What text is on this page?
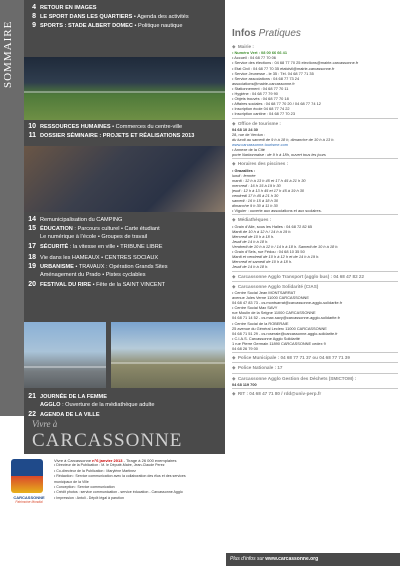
SOMMAIRE
Vivre à
CARCASSONNE
CARCASSONNE
Patrimoine Mondial
Vivre à Carcassonne n°6 janvier 2013 - Tirage à 26 000 exemplaires
• Directeur de la Publication : M. le Député-Maire, Jean-Claude Perez
• Co-directeur de la Publication : Marylène Martinez
• Rédaction : Service communication avec la collaboration des élus et des services
municipaux de la Ville
• Conception : Service communication
• Crédit photos : service communication - service éducation - Carcassonne Agglo
• Impression : Antoli - Dépôt légal à parution
4 RETOUR EN IMAGES
8 LE SPORT DANS LES QUARTIERS • Agenda des activités
9 SPORTS : STADE ALBERT DOMEC • Politique nautique
10 RESSOURCES HUMAINES • Commerces du centre-ville
11 DOSSIER SÉMINAIRE : PROJETS ET RÉALISATIONS 2013
14 Remunicipalisation du CAMPING
15 ÉDUCATION : Parcours culturel • Carte étudiant
Le numérique à l’école • Groupes de travail
17 SÉCURITÉ : la vitesse en ville • TRIBUNE LIBRE
18 Vie dans les HAMEAUX • CENTRES SOCIAUX
19 URBANISME • TRAVAUX : Opération Grands Sites
Aménagement du Prado • Pistes cyclables
20 FESTIVAL DU RIRE • Fête de la SAINT VINCENT
21 JOURNÉE DE LA FEMME
AGGLO : Ouverture de la médiathèque adulte
22 AGENDA DE LA VILLE
Infos Pratiques
◆ Mairie :
• Numéro Vert : 08 00 66 66 41
• Accueil : 04 68 77 70 06
• Service des élections : 04 68 77 70 25 elections@mairie-carcassonne.fr
• Etat Civil : 04 68 77 70 35 etatcivil@mairie-carcassonne.fr
• Service Jeunesse - le 35 : Tél. 04 68 77 71 35
• Service associations : 04 68 77 73 24
associations@mairie-carcassonne.fr
• Stationnement : 04 68 77 70 11
• Hygiène : 04 68 77 79 90
• Objets trouvés : 04 68 77 70 18
• Affaires sociales : 04 68 77 70 20 / 04 68 77 74 12
• Inscription école 04 68 77 74 22
• Inscription cantine : 04 68 77 70 23
◆ Office de tourisme :
04 68 10 24 30
28, rue de Verdun :
du lundi au samedi de 9 h à 18 h, dimanche de 10 h à 13 h.
www.carcassonne-tourisme.com
• Annexe de la Cité
porte Narbonnaise : de 9 h à 18h, ouvert tous les jours
◆ Horaires des piscines :
• Grazailles :
lundi : fermée
mardi : 12 h à 13 h 45 et 17 h 45 à 21 h 30
mercredi : 16 h 15 à 19 h 30
jeudi : 12 h à 13 h 45 et 17 h 45 à 19 h 30
vendredi 17 h 45 à 21 h 30
samedi : 16 h 15 à 18 h 30
dimanche 9 h 30 à 11 h 30
• Viguier : ouverte aux associations et aux scolaires.
◆ Médiathèques :
• Grain d’Aile, sous les Halles : 04 68 72 82 65
Mardi de 10 h à 12 h / 14 h à 19 h.
Mercredi de 10 h à 18 h.
Jeudi de 14 h à 18 h.
Vendredi de 10 h à 12 h / 14 h à 18 h. Samedi de 10 h à 18 h.
• Grain d’Sels, rue Fédou : 04 68 10 35 50
Mardi et vendredi de 10 h à 12 h et de 14 h à 19 h.
Mercredi et samedi de 10 h à 18 h.
Jeudi de 14 h à 18 h.
◆ Carcassonne Agglo Transport (agglo bus) : 04 68 47 82 22
◆ Carcassonne Agglo Solidarité (CIAS)
• Centre Social Jean MONTSARRAT
avenue Jules Verne 11000 CARCASSONNE
04 68 47 83 73 - cs.montsarrat@carcassonne-agglo-solidarite.fr
• Centre Social Max SAVY
rue Moulin de la Seigne 11000 CARCASSONNE
04 68 71 14 52 - cs.max.savy@carcassonne-agglo-solidarite.fr
• Centre Social de la ROBERAIE
25 avenue du Général Leclerc 11000 CARCASSONNE
04 68 71 51 29 - cs.roseraie@carcassonne-agglo-solidarite.fr
• C.I.A.S. Carcassonne Agglo Solidarité
1 rue Pierre Germain 11890 CARCASSONNE cedex 9
04 68 26 79 00
◆ Police Municipale : 04 68 77 71 37 ou 04 68 77 71 39
◆ Police Nationale : 17
◆ Carcassonne Agglo Gestion des Déchets (SMICTOM) :
04 68 119 700
◆ RIT : 04 68 47 71 80 / rdd@univ-perp.fr
Plus d’infos sur www.carcassonne.org
